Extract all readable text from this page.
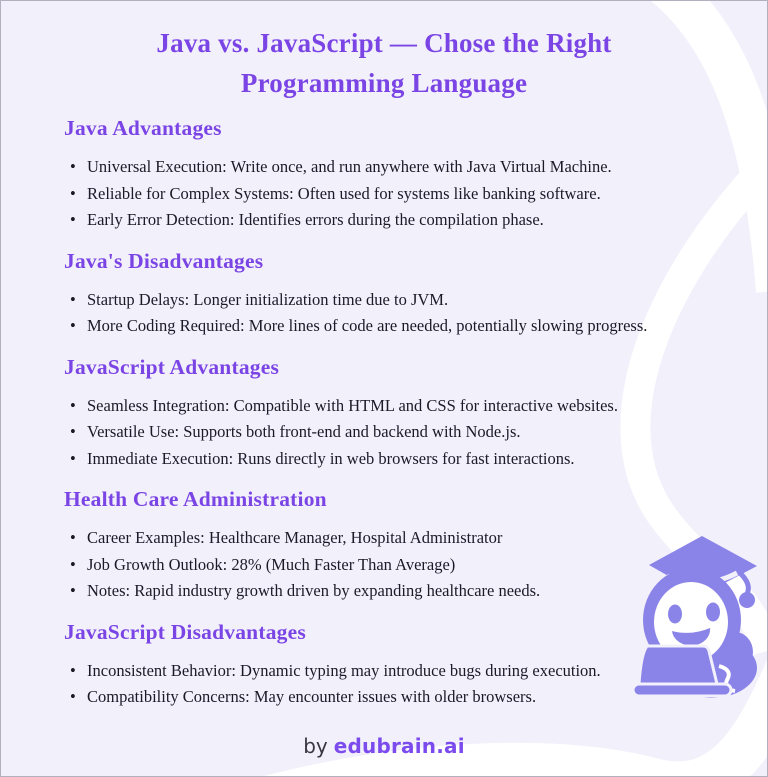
Java vs. JavaScript — Chose the Right Programming Language
Java Advantages
• Universal Execution: Write once, and run anywhere with Java Virtual Machine.
• Reliable for Complex Systems: Often used for systems like banking software.
• Early Error Detection: Identifies errors during the compilation phase.
Java's Disadvantages
• Startup Delays: Longer initialization time due to JVM.
• More Coding Required: More lines of code are needed, potentially slowing progress.
JavaScript Advantages
• Seamless Integration: Compatible with HTML and CSS for interactive websites.
• Versatile Use: Supports both front-end and backend with Node.js.
• Immediate Execution: Runs directly in web browsers for fast interactions.
Health Care Administration
• Career Examples: Healthcare Manager, Hospital Administrator
• Job Growth Outlook: 28% (Much Faster Than Average)
• Notes: Rapid industry growth driven by expanding healthcare needs.
JavaScript Disadvantages
• Inconsistent Behavior: Dynamic typing may introduce bugs during execution.
• Compatibility Concerns: May encounter issues with older browsers.
by edubrain.ai
